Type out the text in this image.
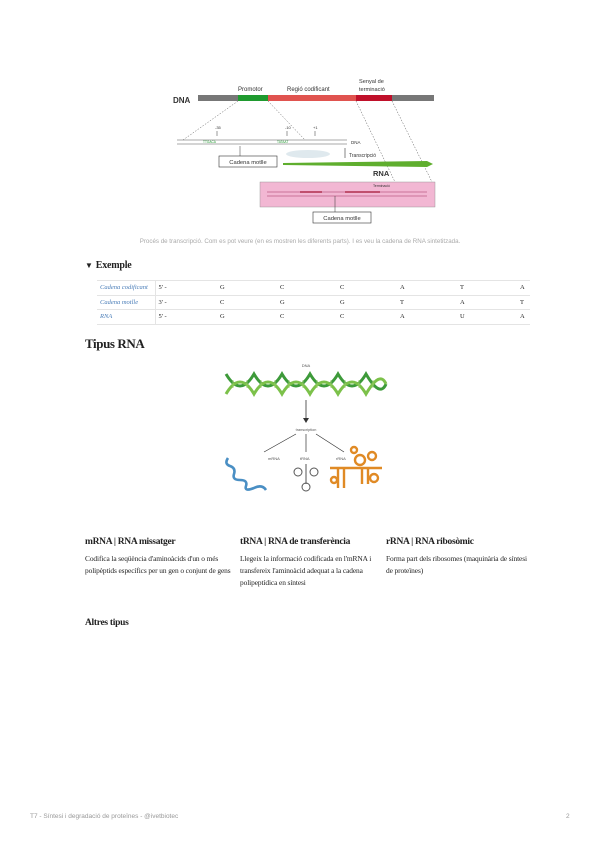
DNA
Promotor	Regió codificant
Senyal de
terminació
-35	-10	+1
TTGACA	TATAAT	DNA
Cadena motlle
Transcripció
RNA
Terminació
Cadena motlle
Procés de transcripció. Com es pot veure (en es mostren les diferents parts). I es veu la cadena de RNA sintetitzada.
▼ Exemple
Cadena codificant	5' -	G	C	C	A	T	A
Cadena motlle	3' -	C	G	G	T	A	T
RNA	5' -	G	C	C	A	U	A
Tipus RNA
DNA
transcription
mRNA	tRNA	rRNA
mRNA | RNA missatger
Codifica la seqüència d'aminoàcids d'un o més polipèptids específics per un gen o conjunt de gens
tRNA | RNA de transferència
Llegeix la informació codificada en l'mRNA i transfereix l'aminoàcid adequat a la cadena polipeptídica en síntesi
rRNA | RNA ribosòmic
Forma part dels ribosomes (maquinària de síntesi de proteïnes)
Altres tipus
T7 - Síntesi i degradació de proteïnes - @ivetbiotec	2
